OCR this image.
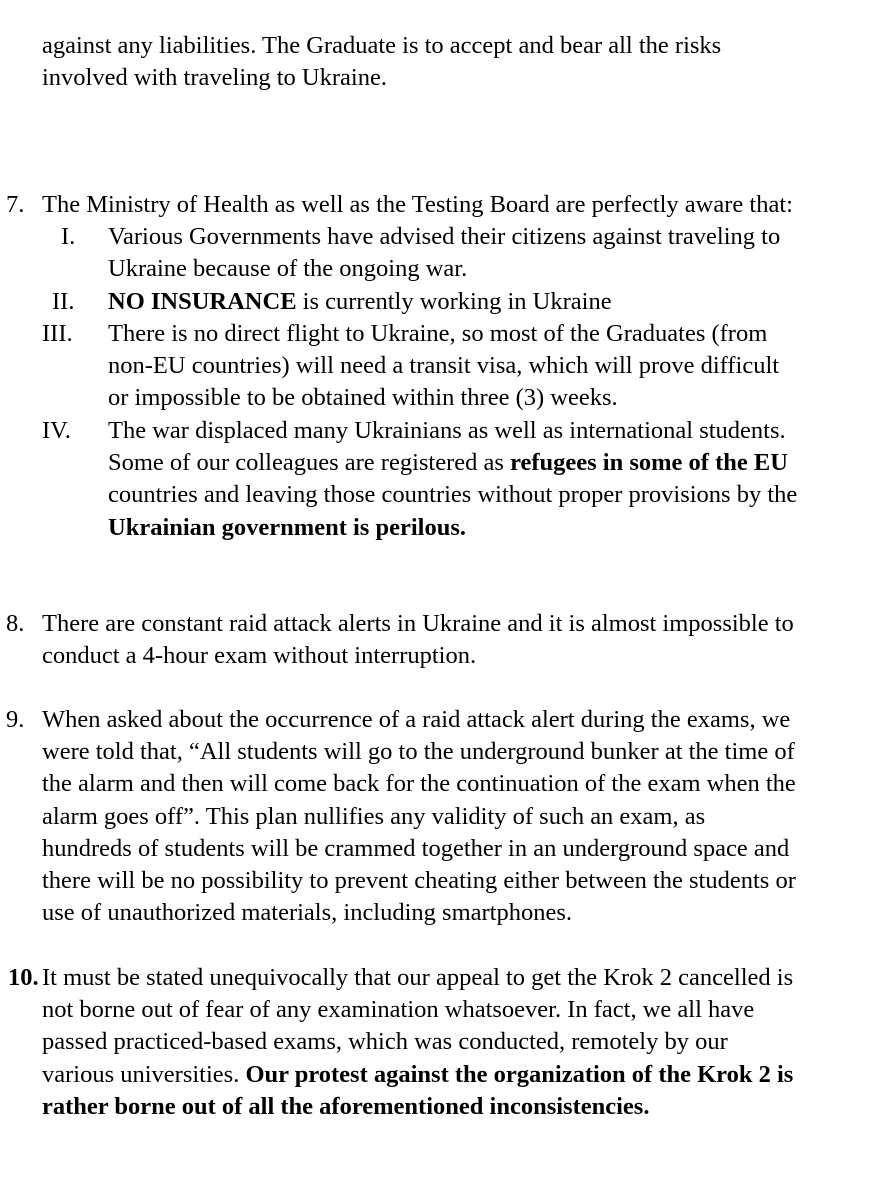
against any liabilities. The Graduate is to accept and bear all the risks
involved with traveling to Ukraine.
7. The Ministry of Health as well as the Testing Board are perfectly aware that:
I. Various Governments have advised their citizens against traveling to
Ukraine because of the ongoing war.
II. NO INSURANCE is currently working in Ukraine
III. There is no direct flight to Ukraine, so most of the Graduates (from
non-EU countries) will need a transit visa, which will prove difficult
or impossible to be obtained within three (3) weeks.
IV. The war displaced many Ukrainians as well as international students.
Some of our colleagues are registered as refugees in some of the EU
countries and leaving those countries without proper provisions by the
Ukrainian government is perilous.
8. There are constant raid attack alerts in Ukraine and it is almost impossible to
conduct a 4-hour exam without interruption.
9. When asked about the occurrence of a raid attack alert during the exams, we
were told that, “All students will go to the underground bunker at the time of
the alarm and then will come back for the continuation of the exam when the
alarm goes off”. This plan nullifies any validity of such an exam, as
hundreds of students will be crammed together in an underground space and
there will be no possibility to prevent cheating either between the students or
use of unauthorized materials, including smartphones.
10. It must be stated unequivocally that our appeal to get the Krok 2 cancelled is
not borne out of fear of any examination whatsoever. In fact, we all have
passed practiced-based exams, which was conducted, remotely by our
various universities. Our protest against the organization of the Krok 2 is
rather borne out of all the aforementioned inconsistencies.
